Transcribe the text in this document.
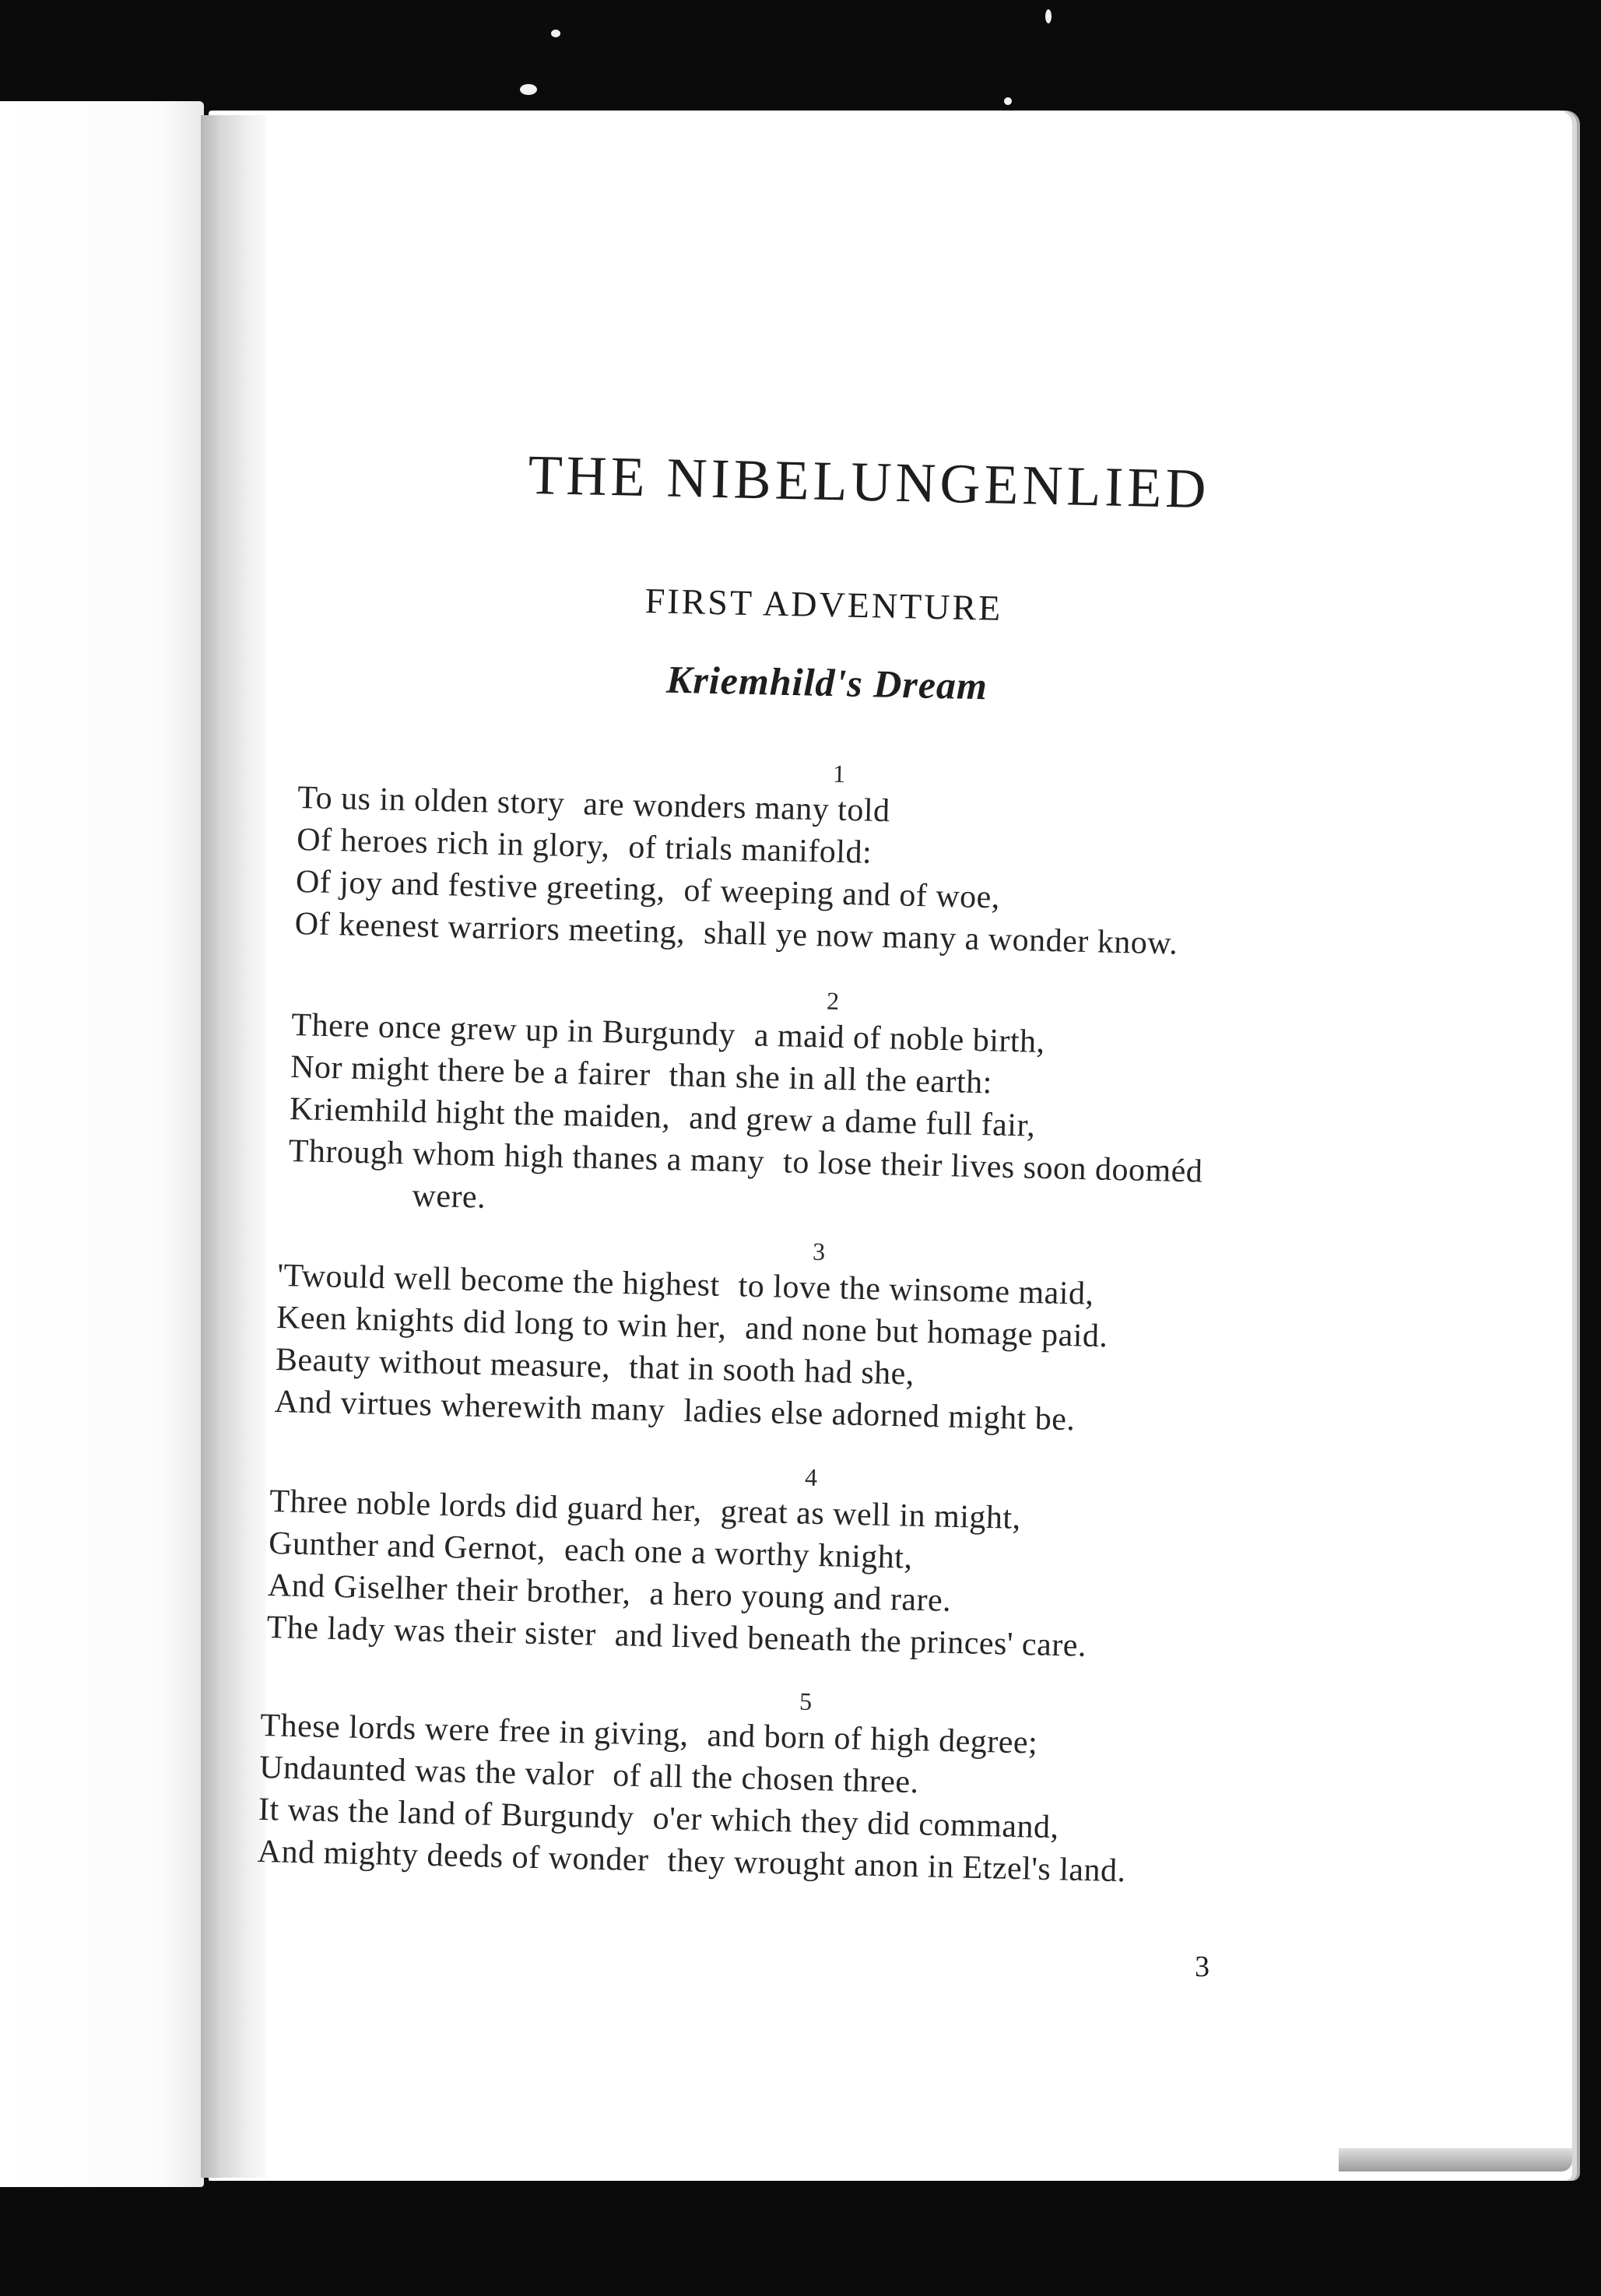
THE NIBELUNGENLIED
FIRST ADVENTURE
Kriemhild's Dream
1
To us in olden story are wonders many told
Of heroes rich in glory, of trials manifold:
Of joy and festive greeting, of weeping and of woe,
Of keenest warriors meeting, shall ye now many a wonder know.
2
There once grew up in Burgundy a maid of noble birth,
Nor might there be a fairer than she in all the earth:
Kriemhild hight the maiden, and grew a dame full fair,
Through whom high thanes a many to lose their lives soon dooméd
were.
3
'Twould well become the highest to love the winsome maid,
Keen knights did long to win her, and none but homage paid.
Beauty without measure, that in sooth had she,
And virtues wherewith many ladies else adorned might be.
4
Three noble lords did guard her, great as well in might,
Gunther and Gernot, each one a worthy knight,
And Giselher their brother, a hero young and rare.
The lady was their sister and lived beneath the princes' care.
5
These lords were free in giving, and born of high degree;
Undaunted was the valor of all the chosen three.
It was the land of Burgundy o'er which they did command,
And mighty deeds of wonder they wrought anon in Etzel's land.
3
